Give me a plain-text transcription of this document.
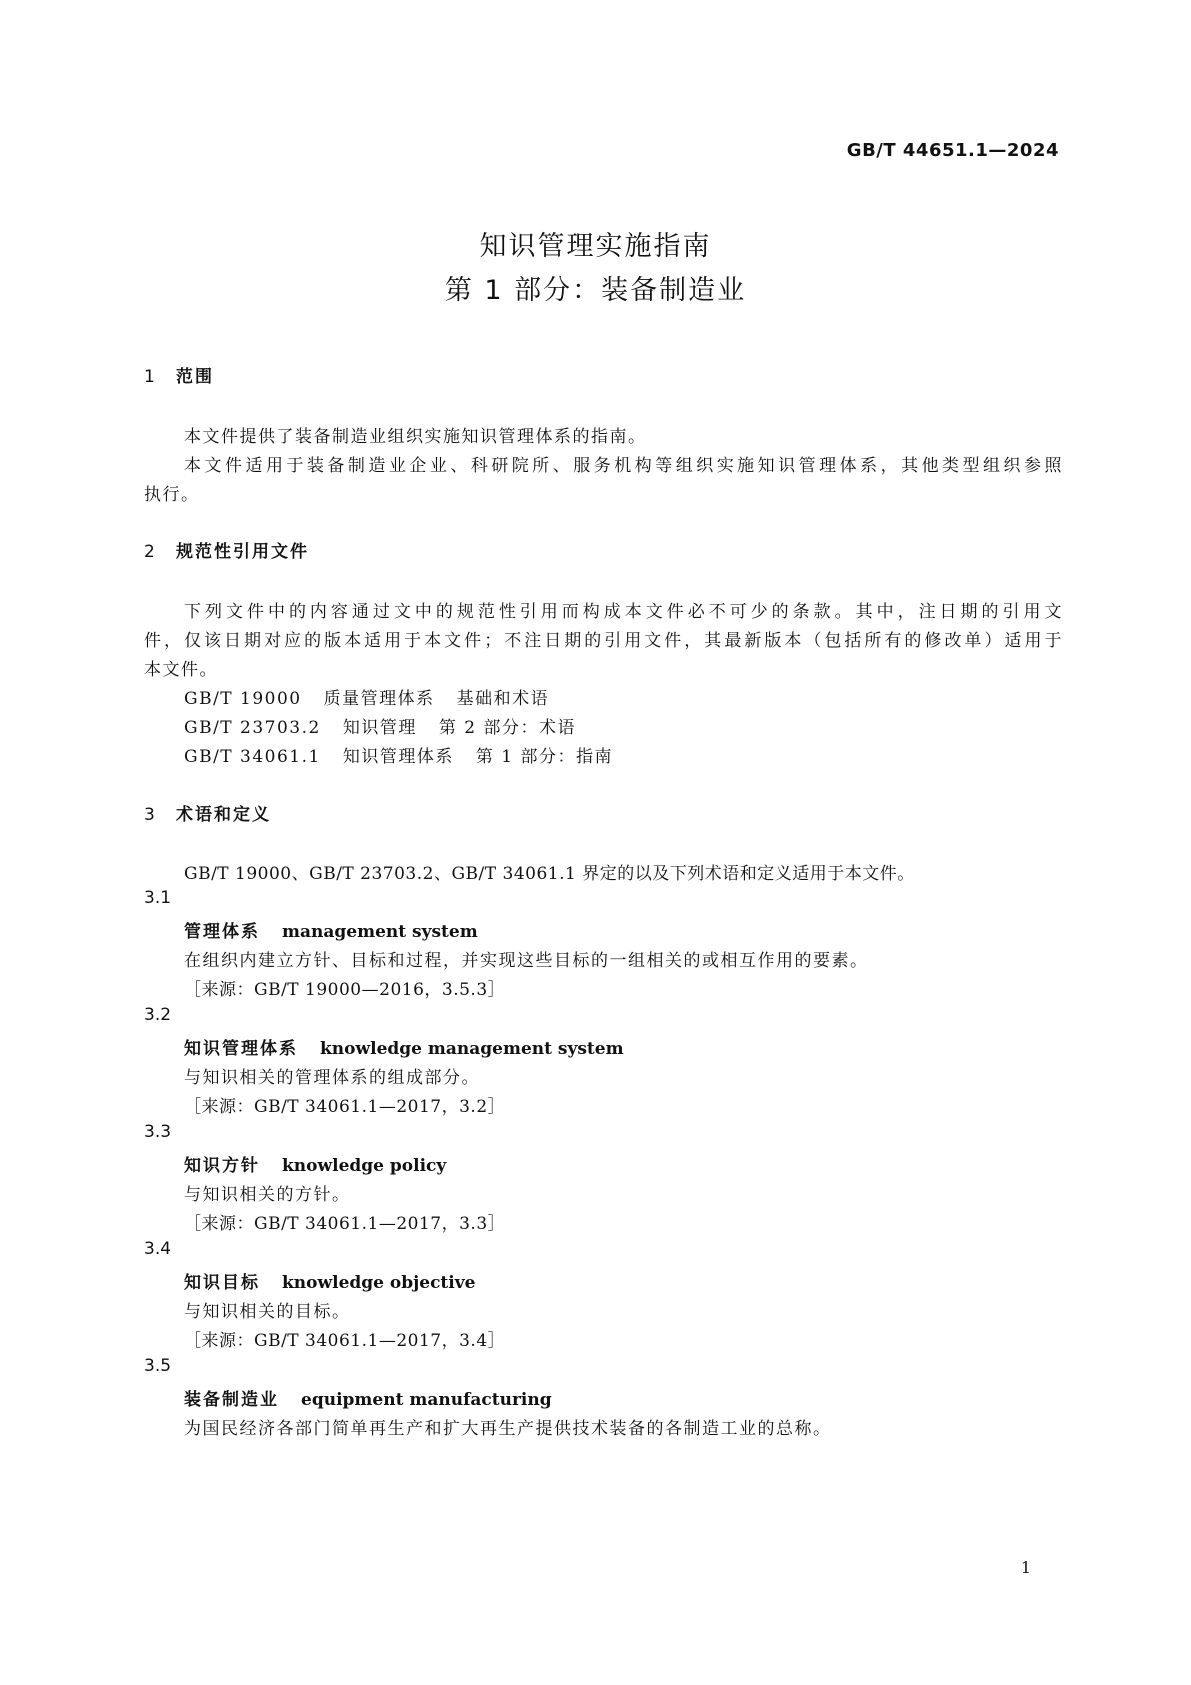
GB/T 44651.1—2024
知识管理实施指南
第 1 部分：装备制造业
1 范围
本文件提供了装备制造业组织实施知识管理体系的指南。
本文件适用于装备制造业企业、科研院所、服务机构等组织实施知识管理体系，其他类型组织参照
执行。
2 规范性引用文件
下列文件中的内容通过文中的规范性引用而构成本文件必不可少的条款。其中，注日期的引用文
件，仅该日期对应的版本适用于本文件；不注日期的引用文件，其最新版本（包括所有的修改单）适用于
本文件。
GB/T 19000 质量管理体系 基础和术语
GB/T 23703.2 知识管理 第 2 部分：术语
GB/T 34061.1 知识管理体系 第 1 部分：指南
3 术语和定义
GB/T 19000、GB/T 23703.2、GB/T 34061.1 界定的以及下列术语和定义适用于本文件。
3.1
管理体系 management system
在组织内建立方针、目标和过程，并实现这些目标的一组相关的或相互作用的要素。
［来源：GB/T 19000—2016，3.5.3］
3.2
知识管理体系 knowledge management system
与知识相关的管理体系的组成部分。
［来源：GB/T 34061.1—2017，3.2］
3.3
知识方针 knowledge policy
与知识相关的方针。
［来源：GB/T 34061.1—2017，3.3］
3.4
知识目标 knowledge objective
与知识相关的目标。
［来源：GB/T 34061.1—2017，3.4］
3.5
装备制造业 equipment manufacturing
为国民经济各部门简单再生产和扩大再生产提供技术装备的各制造工业的总称。
1
